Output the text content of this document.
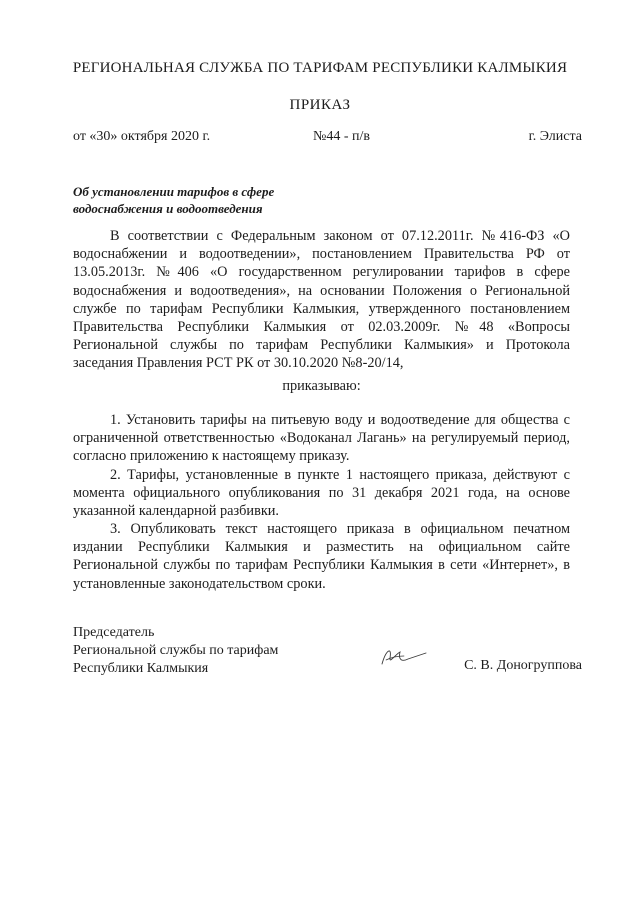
РЕГИОНАЛЬНАЯ СЛУЖБА ПО ТАРИФАМ РЕСПУБЛИКИ КАЛМЫКИЯ
ПРИКАЗ
от «30» октября 2020 г.	№44 - п/в	г. Элиста
Об установлении тарифов в сфере
водоснабжения и водоотведения
В соответствии с Федеральным законом от 07.12.2011г. №416-ФЗ «О водоснабжении и водоотведении», постановлением Правительства РФ от 13.05.2013г. №406 «О государственном регулировании тарифов в сфере водоснабжения и водоотведения», на основании Положения о Региональной службе по тарифам Республики Калмыкия, утвержденного постановлением Правительства Республики Калмыкия от 02.03.2009г. №48 «Вопросы Региональной службы по тарифам Республики Калмыкия» и Протокола заседания Правления РСТ РК от 30.10.2020 №8-20/14,
приказываю:
1. Установить тарифы на питьевую воду и водоотведение для общества с ограниченной ответственностью «Водоканал Лагань» на регулируемый период, согласно приложению к настоящему приказу.
2. Тарифы, установленные в пункте 1 настоящего приказа, действуют с момента официального опубликования по 31 декабря 2021 года, на основе указанной календарной разбивки.
3. Опубликовать текст настоящего приказа в официальном печатном издании Республики Калмыкия и разместить на официальном сайте Региональной службы по тарифам Республики Калмыкия в сети «Интернет», в установленные законодательством сроки.
Председатель
Региональной службы по тарифам
Республики Калмыкия	С. В. Доногруппова
